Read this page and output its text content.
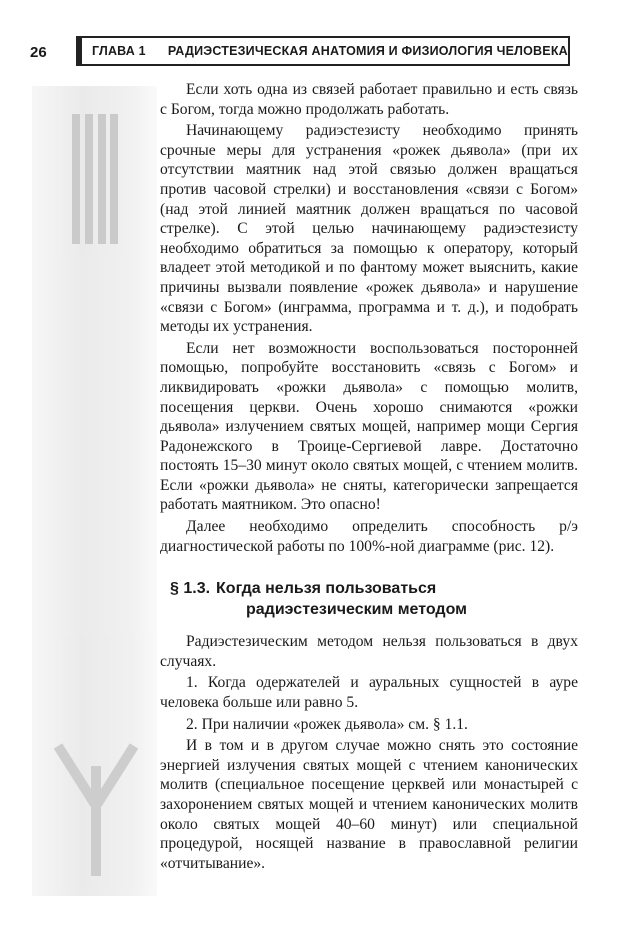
26	ГЛАВА 1 РАДИЭСТЕЗИЧЕСКАЯ АНАТОМИЯ И ФИЗИОЛОГИЯ ЧЕЛОВЕКА

Если хоть одна из связей работает правильно и есть связь с Богом, тогда можно продолжать работать.

Начинающему радиэстезисту необходимо принять срочные меры для устранения «рожек дьявола» (при их отсутствии маятник над этой связью должен вращаться против часовой стрелки) и восстановления «связи с Богом» (над этой линией маятник должен вращаться по часовой стрелке). С этой целью начинающему радиэстезисту необходимо обратиться за помощью к оператору, который владеет этой методикой и по фантому может выяснить, какие причины вызвали появление «рожек дьявола» и нарушение «связи с Богом» (инграмма, программа и т. д.), и подобрать методы их устранения.

Если нет возможности воспользоваться посторонней помощью, попробуйте восстановить «связь с Богом» и ликвидировать «рожки дьявола» с помощью молитв, посещения церкви. Очень хорошо снимаются «рожки дьявола» излучением святых мощей, например мощи Сергия Радонежского в Троице-Сергиевой лавре. Достаточно постоять 15–30 минут около святых мощей, с чтением молитв. Если «рожки дьявола» не сняты, категорически запрещается работать маятником. Это опасно!

Далее необходимо определить способность р/э диагностической работы по 100%-ной диаграмме (рис. 12).

§ 1.3. Когда нельзя пользоваться
радиэстезическим методом

Радиэстезическим методом нельзя пользоваться в двух случаях.

1. Когда одержателей и ауральных сущностей в ауре человека больше или равно 5.

2. При наличии «рожек дьявола» см. § 1.1.

И в том и в другом случае можно снять это состояние энергией излучения святых мощей с чтением канонических молитв (специальное посещение церквей или монастырей с захоронением святых мощей и чтением канонических молитв около святых мощей 40–60 минут) или специальной процедурой, носящей название в православной религии «отчитывание».
